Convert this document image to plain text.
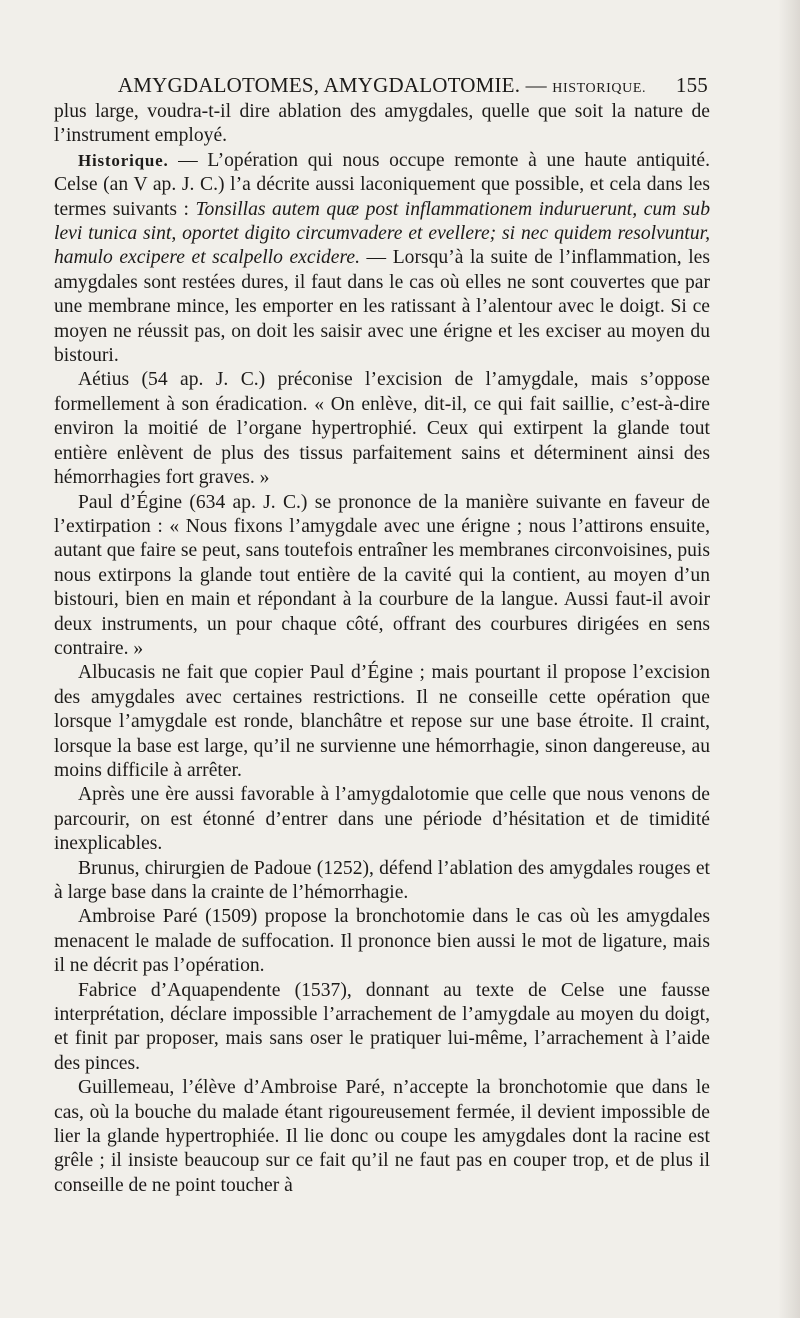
AMYGDALOTOMES, AMYGDALOTOMIE. — HISTORIQUE. 155

plus large, voudra-t-il dire ablation des amygdales, quelle que soit la nature de l’instrument employé.

Historique. — L’opération qui nous occupe remonte à une haute antiquité. Celse (an V ap. J. C.) l’a décrite aussi laconiquement que possible, et cela dans les termes suivants : Tonsillas autem quæ post inflammationem induruerunt, cum sub levi tunica sint, oportet digito circumvadere et evellere; si nec quidem resolvuntur, hamulo excipere et scalpello excidere. — Lorsqu’à la suite de l’inflammation, les amygdales sont restées dures, il faut dans le cas où elles ne sont couvertes que par une membrane mince, les emporter en les ratissant à l’alentour avec le doigt. Si ce moyen ne réussit pas, on doit les saisir avec une érigne et les exciser au moyen du bistouri.

Aétius (54 ap. J. C.) préconise l’excision de l’amygdale, mais s’oppose formellement à son éradication. « On enlève, dit-il, ce qui fait saillie, c’est-à-dire environ la moitié de l’organe hypertrophié. Ceux qui extirpent la glande tout entière enlèvent de plus des tissus parfaitement sains et déterminent ainsi des hémorrhagies fort graves. »

Paul d’Égine (634 ap. J. C.) se prononce de la manière suivante en faveur de l’extirpation : « Nous fixons l’amygdale avec une érigne ; nous l’attirons ensuite, autant que faire se peut, sans toutefois entraîner les membranes circonvoisines, puis nous extirpons la glande tout entière de la cavité qui la contient, au moyen d’un bistouri, bien en main et répondant à la courbure de la langue. Aussi faut-il avoir deux instruments, un pour chaque côté, offrant des courbures dirigées en sens contraire. »

Albucasis ne fait que copier Paul d’Égine ; mais pourtant il propose l’excision des amygdales avec certaines restrictions. Il ne conseille cette opération que lorsque l’amygdale est ronde, blanchâtre et repose sur une base étroite. Il craint, lorsque la base est large, qu’il ne survienne une hémorrhagie, sinon dangereuse, au moins difficile à arrêter.

Après une ère aussi favorable à l’amygdalotomie que celle que nous venons de parcourir, on est étonné d’entrer dans une période d’hésitation et de timidité inexplicables.

Brunus, chirurgien de Padoue (1252), défend l’ablation des amygdales rouges et à large base dans la crainte de l’hémorrhagie.

Ambroise Paré (1509) propose la bronchotomie dans le cas où les amygdales menacent le malade de suffocation. Il prononce bien aussi le mot de ligature, mais il ne décrit pas l’opération.

Fabrice d’Aquapendente (1537), donnant au texte de Celse une fausse interprétation, déclare impossible l’arrachement de l’amygdale au moyen du doigt, et finit par proposer, mais sans oser le pratiquer lui-même, l’arrachement à l’aide des pinces.

Guillemeau, l’élève d’Ambroise Paré, n’accepte la bronchotomie que dans le cas, où la bouche du malade étant rigoureusement fermée, il devient impossible de lier la glande hypertrophiée. Il lie donc ou coupe les amygdales dont la racine est grêle ; il insiste beaucoup sur ce fait qu’il ne faut pas en couper trop, et de plus il conseille de ne point toucher à
